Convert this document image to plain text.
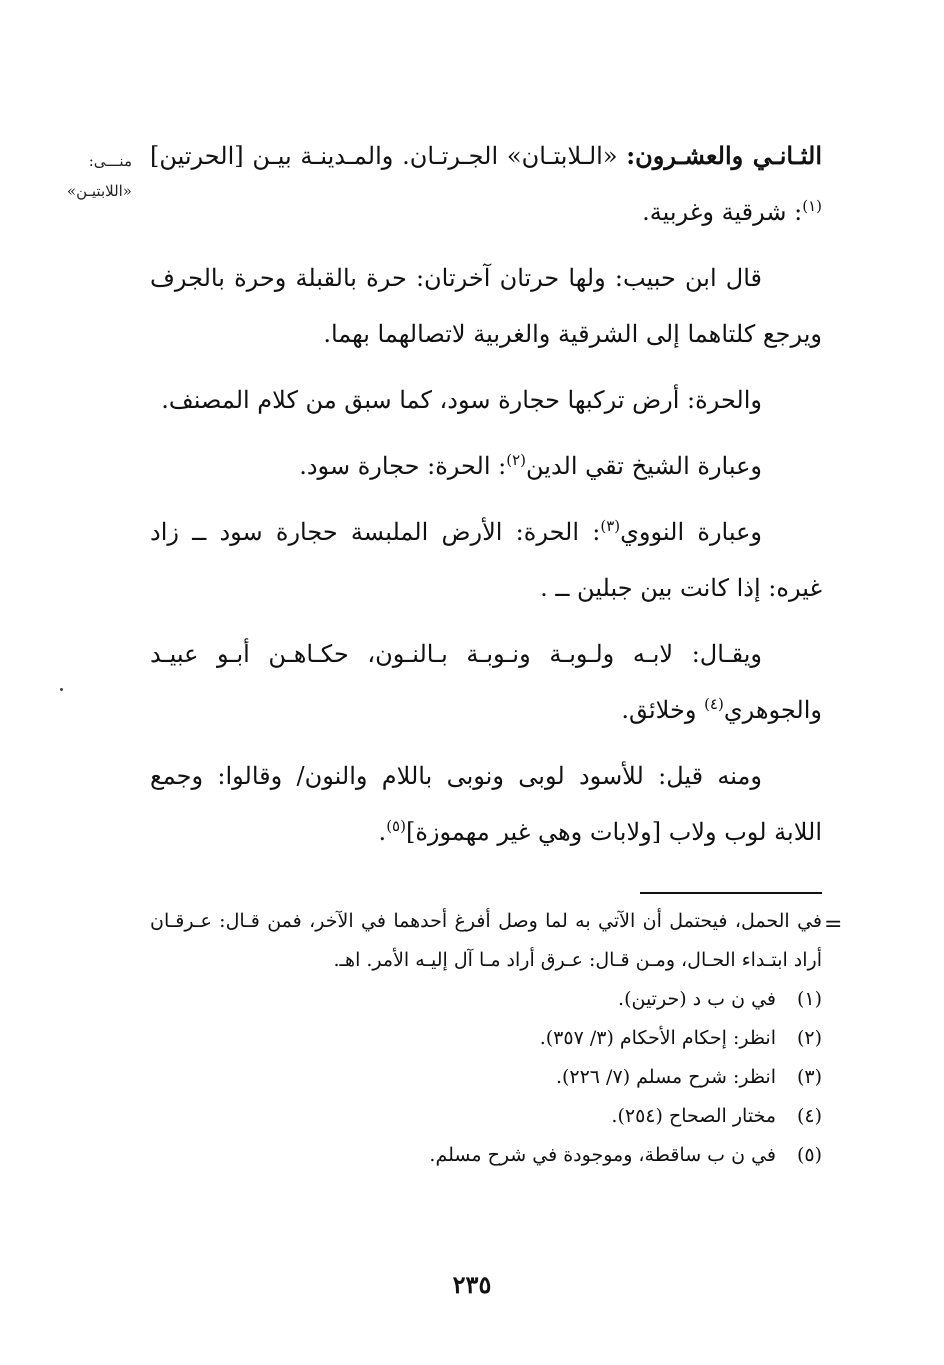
منـــى: «اللابتيـن»

الثـانـي والعشـرون: «الـلابتـان» الجـرتـان. والمـدينـة بيـن [الحرتين]$^{(١)}$: شرقية وغربية.

قال ابن حبيب: ولها حرتان آخرتان: حرة بالقبلة وحرة بالجرف ويرجع كلتاهما إلى الشرقية والغربية لاتصالهما بهما.

والحرة: أرض تركبها حجارة سود، كما سبق من كلام المصنف.

وعبارة الشيخ تقي الدين$^{(٢)}$: الحرة: حجارة سود.

وعبارة النووي$^{(٣)}$: الحرة: الأرض الملبسة حجارة سود ــ زاد غيره: إذا كانت بين جبلين ــ .

ويقـال: لابـه ولـوبـة ونـوبـة بـالنـون، حكـاهـن أبـو عبيـد والجوهري$^{(٤)}$ وخلائق.

ومنه قيل: للأسود لوبى ونوبى باللام والنون/ وقالوا: وجمع اللابة لوب ولاب [ولابات وهي غير مهموزة]$^{(٥)}$.

=

في الحمل، فيحتمل أن الآتي به لما وصل أفرغ أحدهما في الآخر، فمن قـال: عـرقـان أراد ابتـداء الحـال، ومـن قـال: عـرق أراد مـا آل إليـه الأمر. اهـ.

(١)
في ن ب د (حرتين).
(٢)
انظر: إحكام الأحكام (٣/ ٣٥٧).
(٣)
انظر: شرح مسلم (٧/ ٢٢٦).
(٤)
مختار الصحاح (٢٥٤).
(٥)
في ن ب ساقطة، وموجودة في شرح مسلم.
٢٣٥
